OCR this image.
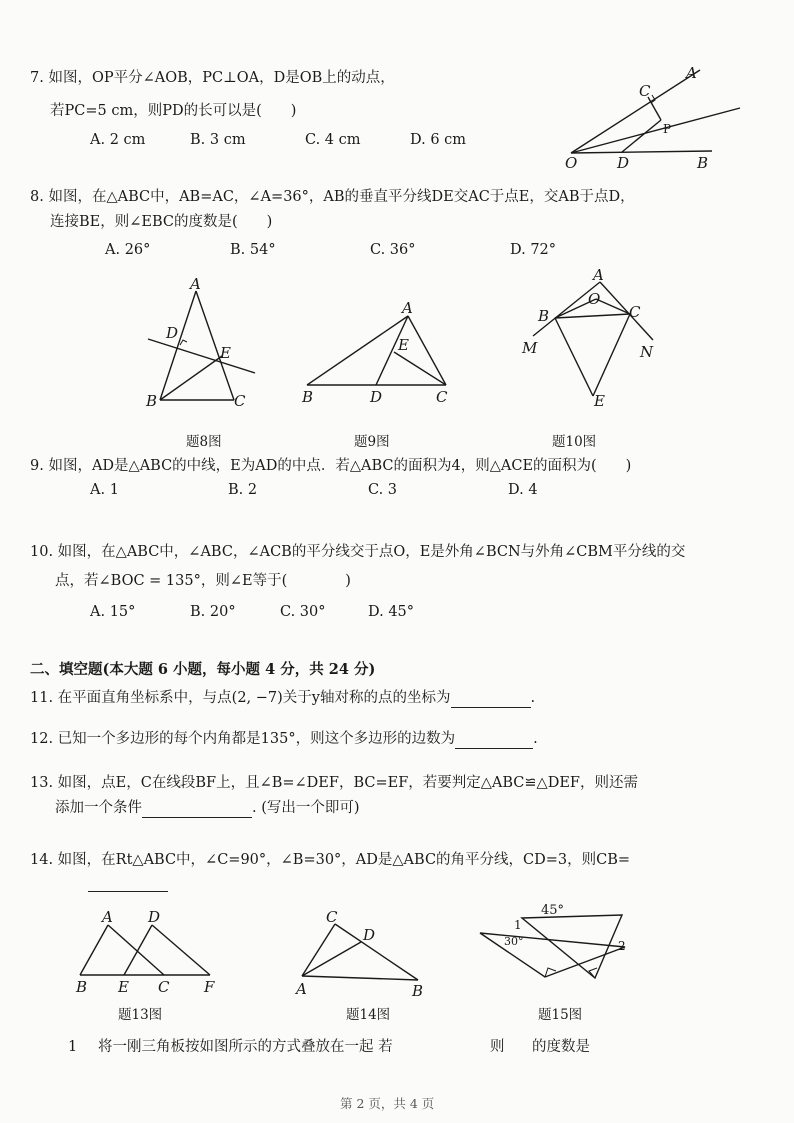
7. 如图，OP平分∠AOB，PC⊥OA，D是OB上的动点，
若PC=5 cm，则PD的长可以是(　　)
A. 2 cm	B. 3 cm	C. 4 cm	D. 6 cm
A
C
P
O	D	B
8. 如图，在△ABC中，AB=AC，∠A=36°，AB的垂直平分线DE交AC于点E，交AB于点D，
连接BE，则∠EBC的度数是(　　)
A. 26°	B. 54°	C. 36°	D. 72°
A
D
E
B	C
A
E
B	D	C
A
O
B	C
M	N
E
题8图	题9图	题10图
9. 如图，AD是△ABC的中线，E为AD的中点．若△ABC的面积为4，则△ACE的面积为(　　)
A. 1	B. 2	C. 3	D. 4
10. 如图，在△ABC中，∠ABC，∠ACB的平分线交于点O，E是外角∠BCN与外角∠CBM平分线的交
点，若∠BOC = 135°，则∠E等于(　　　　)
A. 15°	B. 20°	C. 30°	D. 45°
二、填空题(本大题 6 小题，每小题 4 分，共 24 分)
11. 在平面直角坐标系中，与点(2, −7)关于y轴对称的点的坐标为	.
12. 已知一个多边形的每个内角都是135°，则这个多边形的边数为	.
13. 如图，点E，C在线段BF上，且∠B=∠DEF，BC=EF，若要判定△ABC≌△DEF，则还需
添加一个条件	. (写出一个即可)
14. 如图，在Rt△ABC中，∠C=90°，∠B=30°，AD是△ABC的角平分线，CD=3，则CB=
A D
B E C F
C
D
A	B
45°
30°
1
2
题13图	题14图	题15图
1 将一刚三角板按如图所示的方式叠放在一起 若	则 的度数是
第 2 页，共 4 页
